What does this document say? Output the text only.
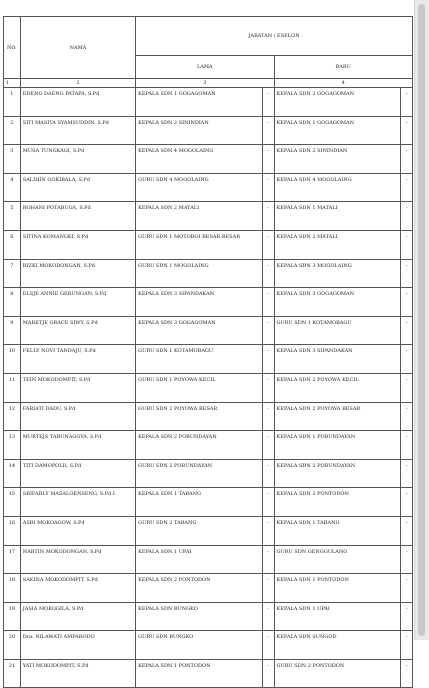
NO.	NAMA	JABATAN / ESELON			
		LAMA		BARU	
1	2	3		4	
1	EDENG DAENG PATAPA, S.Pd	KEPALA SDN 1 GOGAGOMAN	-	KEPALA SDN 2 GOGAGOMAN	-
2	SITI MASITA SYAMSUDDIN, S.Pd	KEPALA SDN 2 SININDIAN	-	KEPALA SDN 1 GOGAGOMAN	-
3	MUSA TUNGKAGI, S.Pd	KEPALA SDN 4 MOGOLAING	-	KEPALA SDN 2 SININDIAN	-
4	SALIHIN GOKIBALA, S.Pd	GURU SDN 4 MOGOLAING	-	KEPALA SDN 4 MOGOLAING	-
5	ROHANI POTABUGA, S.Pd	KEPALA SDN 2 MATALI	-	KEPALA SDN 1 MATALI	-
6	SITINA KOMANGKI, S.Pd	GURU SDN 1 MOTOBOI BESAR BESAR	-	KEPALA SDN 2 MATALI	-
7	RIZKI MOKODONGAN, S.Pd	GURU SDN 1 MOGOLAING	-	KEPALA SDN 3 MOGOLAING	-
8	ELSJE ANNIE GERUNGAN, S.Pd	KEPALA SDN 3 SIPANDAKAN	-	KEPALA SDN 3 GOGAGOMAN	-
9	MARETJE GRACE SIWY, S.Pd	KEPALA SDN 3 GOGAGOMAN	-	GURU SDN 1 KOTAMOBAGU	-
10	FELLY NOVI TANDAJU, S.Pd	GURU SDN 1 KOTAMOBAGU	-	KEPALA SDN 3 SIPANDAKAN	-
11	TEIN MOKODOMPIT, S.Pd	GURU SDN 1 POYOWA KECIL	-	KEPALA SDN 2 POYOWA KECIL	-
12	FARIATI DADU, S.Pd	GURU SDN 2 POYOWA BESAR	-	KEPALA SDN 2 POYOWA BESAR	-
13	MURTEJS TABUNAGGYA, S.Pd	KEPALA SDN 2 POBUNDAYAN	-	KEPALA SDN 1 POBUNDAYAN	-
14	TITI DAMOPOLII, S.Pd	GURU SDN 2 POBUNDAYAN	-	KEPALA SDN 2 POBUNDAYAN	-
15	SRIFARLY MASALOENSENG, S.Pd.I	KEPALA SDN 1 TABANG	-	KEPALA SDN 2 PONTODON	-
16	ASRI MOKOAGOW, S.Pd	GURU SDN 2 TABANG	-	KEPALA SDN 1 TABANG	-
17	NARTIN MOKODONGAN, S.Pd	KEPALA SDN 1 UPAI	-	GURU SDN GENGGULANG	-
18	SAKINA MOKODOMPIT, S.Pd	KEPALA SDN 2 PONTODON	-	KEPALA SDN 1 PONTODON	-
19	JASIA MOKOGILA, S.Pd	KEPALA SDN BUNGKO	-	KEPALA SDN 1 UPAI	-
20	Dra. NILAWATI AMPARODO	GURU SDN BUNGKO	-	KEPALA SDN SUNGOD	-
21	YATI MOKODOMPIT, S.Pd	KEPALA SDN 1 PONTODON	-	GURU SDN 2 PONTODON	-
